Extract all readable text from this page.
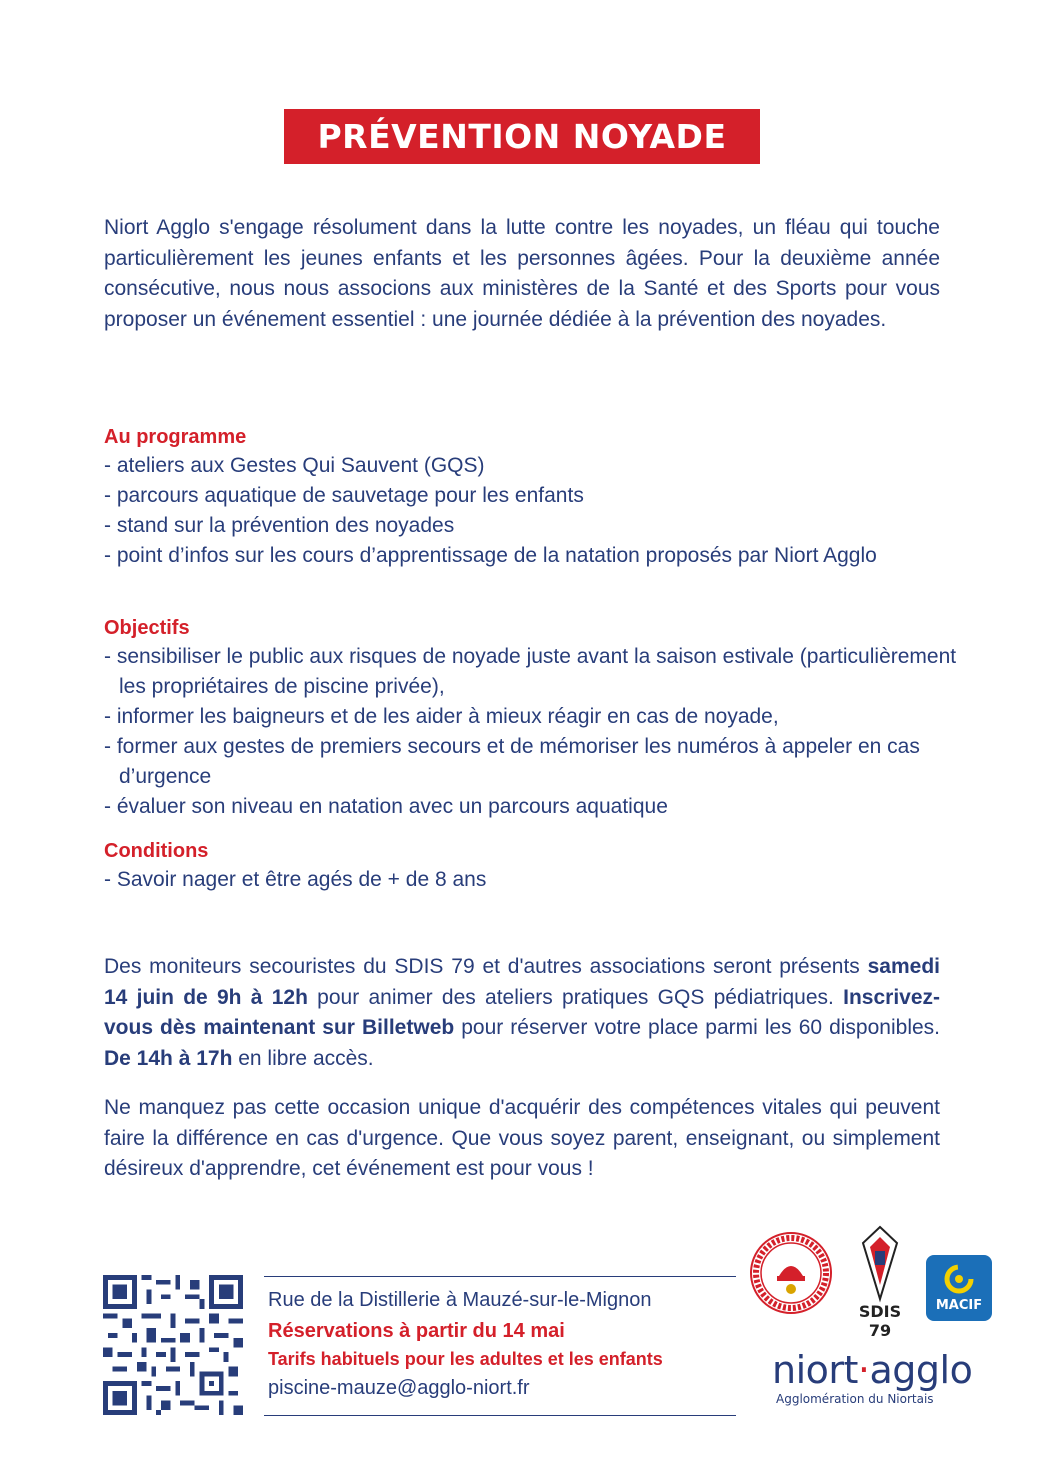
PRÉVENTION NOYADE
Niort Agglo s'engage résolument dans la lutte contre les noyades, un fléau qui touche particulièrement les jeunes enfants et les personnes âgées. Pour la deuxième année consécutive, nous nous associons aux ministères de la Santé et des Sports pour vous proposer un événement essentiel : une journée dédiée à la prévention des noyades.
Au programme
- ateliers aux Gestes Qui Sauvent (GQS)
- parcours aquatique de sauvetage pour les enfants
- stand sur la prévention des noyades
- point d’infos sur les cours d’apprentissage de la natation proposés par Niort Agglo
Objectifs
- sensibiliser le public aux risques de noyade juste avant la saison estivale (particulièrement les propriétaires de piscine privée),
- informer les baigneurs et de les aider à mieux réagir en cas de noyade,
- former aux gestes de premiers secours et de mémoriser les numéros à appeler en cas d’urgence
- évaluer son niveau en natation avec un parcours aquatique
Conditions
- Savoir nager et être agés de + de 8 ans
Des moniteurs secouristes du SDIS 79 et d'autres associations seront présents samedi 14 juin de 9h à 12h pour animer des ateliers pratiques GQS pédiatriques. Inscrivez-vous dès maintenant sur Billetweb pour réserver votre place parmi les 60 disponibles. De 14h à 17h en libre accès.
Ne manquez pas cette occasion unique d'acquérir des compétences vitales qui peuvent faire la différence en cas d'urgence. Que vous soyez parent, enseignant, ou simplement désireux d'apprendre, cet événement est pour vous !
Rue de la Distillerie à Mauzé-sur-le-Mignon
Réservations à partir du 14 mai
Tarifs habituels pour les adultes et les enfants
piscine-mauze@agglo-niort.fr
SDIS 79
MACIF
niort·agglo
Agglomération du Niortais
